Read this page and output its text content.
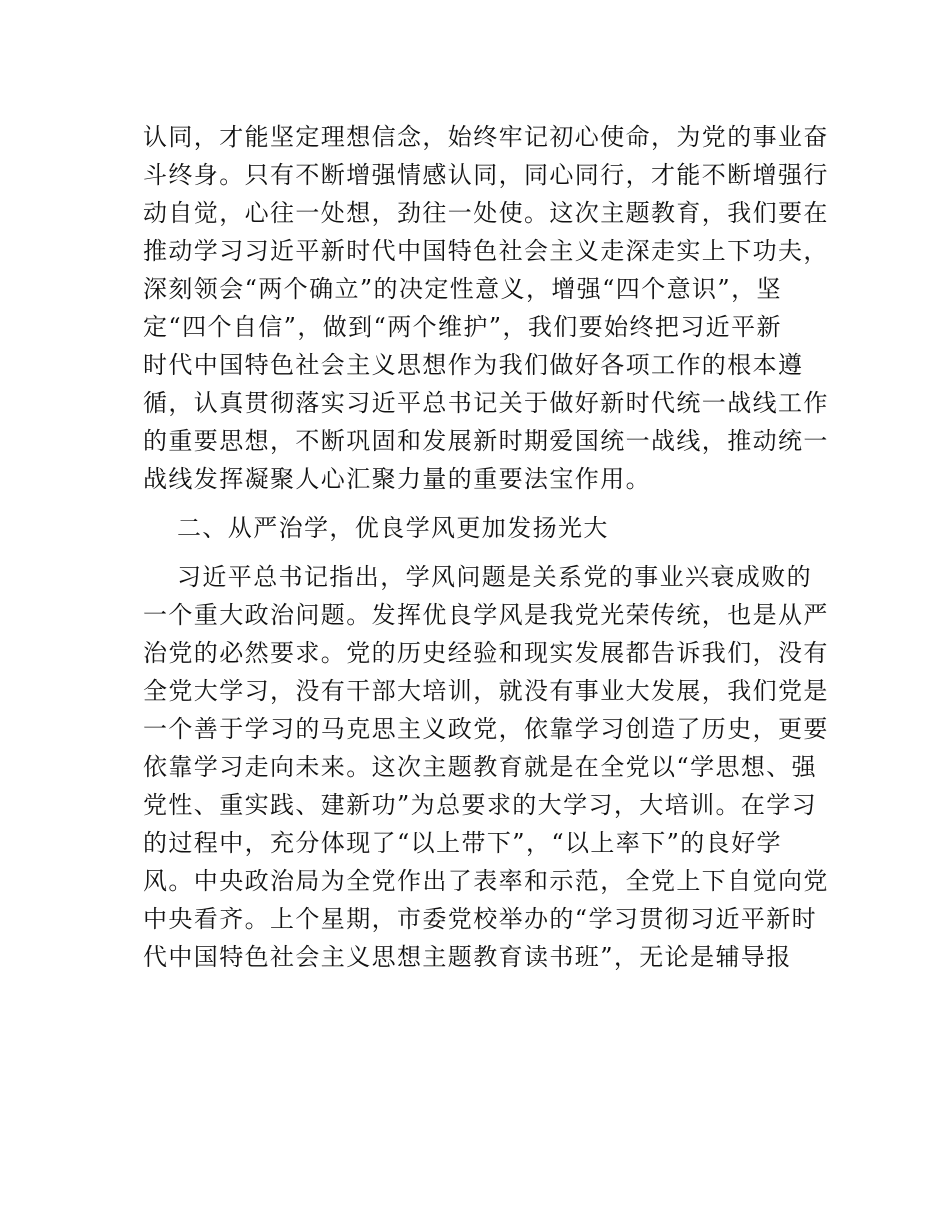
认同，才能坚定理想信念，始终牢记初心使命，为党的事业奋
斗终身。只有不断增强情感认同，同心同行，才能不断增强行
动自觉，心往一处想，劲往一处使。这次主题教育，我们要在
推动学习习近平新时代中国特色社会主义走深走实上下功夫，
深刻领会“两个确立”的决定性意义，增强“四个意识”，坚
定“四个自信”，做到“两个维护”，我们要始终把习近平新
时代中国特色社会主义思想作为我们做好各项工作的根本遵
循，认真贯彻落实习近平总书记关于做好新时代统一战线工作
的重要思想，不断巩固和发展新时期爱国统一战线，推动统一
战线发挥凝聚人心汇聚力量的重要法宝作用。
二、从严治学，优良学风更加发扬光大
习近平总书记指出，学风问题是关系党的事业兴衰成败的
一个重大政治问题。发挥优良学风是我党光荣传统，也是从严
治党的必然要求。党的历史经验和现实发展都告诉我们，没有
全党大学习，没有干部大培训，就没有事业大发展，我们党是
一个善于学习的马克思主义政党，依靠学习创造了历史，更要
依靠学习走向未来。这次主题教育就是在全党以“学思想、强
党性、重实践、建新功”为总要求的大学习，大培训。在学习
的过程中，充分体现了“以上带下”，“以上率下”的良好学
风。中央政治局为全党作出了表率和示范，全党上下自觉向党
中央看齐。上个星期，市委党校举办的“学习贯彻习近平新时
代中国特色社会主义思想主题教育读书班”，无论是辅导报
